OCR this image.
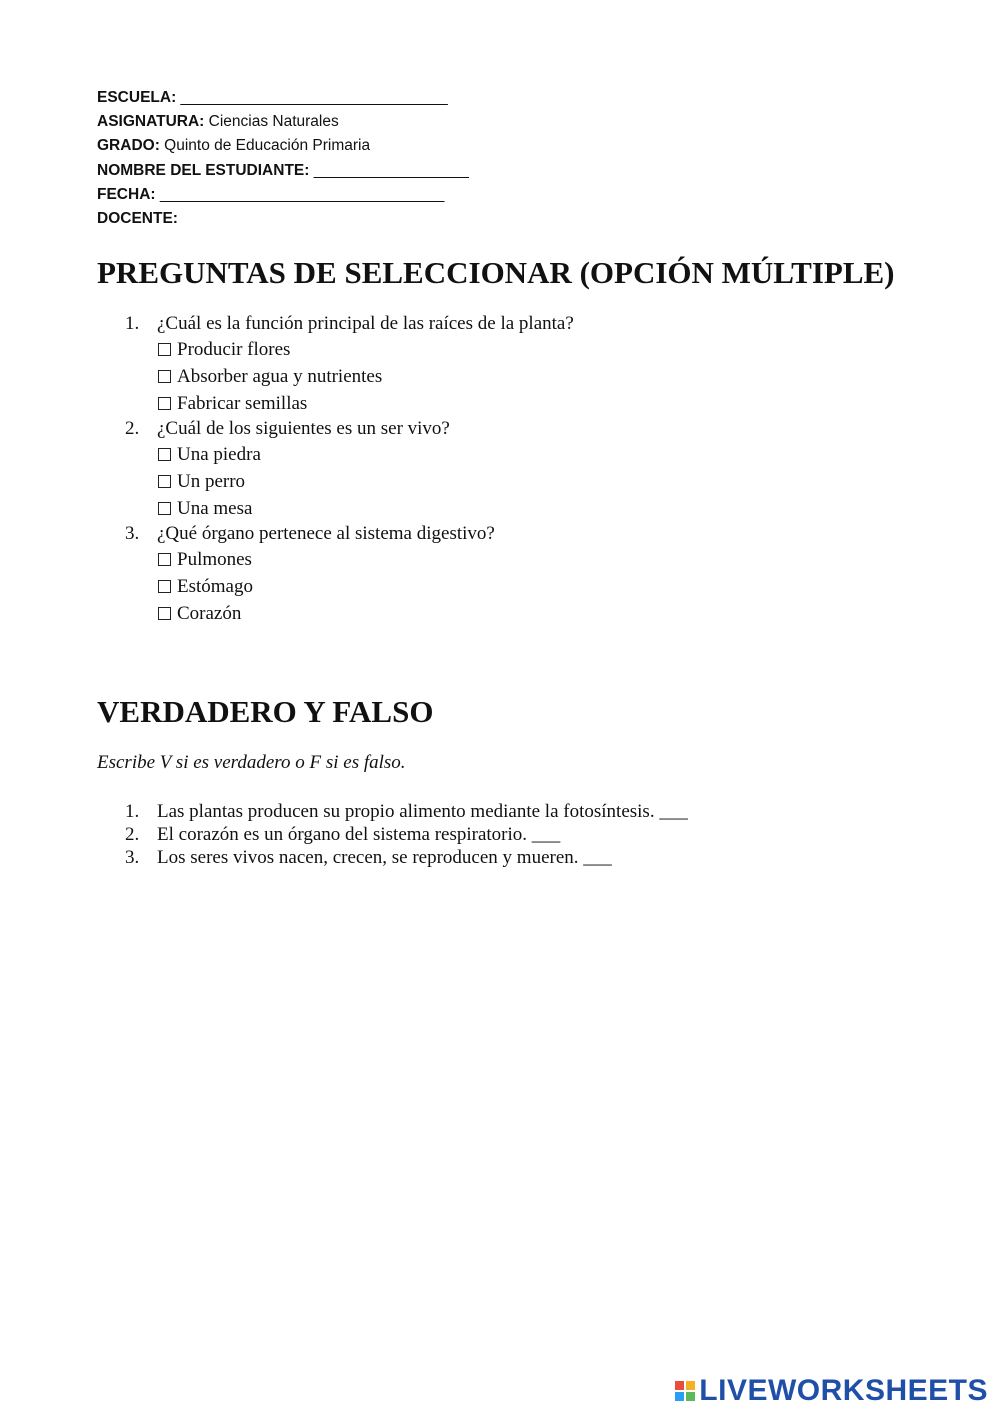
ESCUELA: _______________________________
ASIGNATURA: Ciencias Naturales
GRADO: Quinto de Educación Primaria
NOMBRE DEL ESTUDIANTE: __________________
FECHA: _________________________________
DOCENTE:
PREGUNTAS DE SELECCIONAR (OPCIÓN MÚLTIPLE)
1. ¿Cuál es la función principal de las raíces de la planta?
Producir flores
Absorber agua y nutrientes
Fabricar semillas
2. ¿Cuál de los siguientes es un ser vivo?
Una piedra
Un perro
Una mesa
3. ¿Qué órgano pertenece al sistema digestivo?
Pulmones
Estómago
Corazón
VERDADERO Y FALSO
Escribe V si es verdadero o F si es falso.
1. Las plantas producen su propio alimento mediante la fotosíntesis. ___
2. El corazón es un órgano del sistema respiratorio. ___
3. Los seres vivos nacen, crecen, se reproducen y mueren. ___
LIVEWORKSHEETS
